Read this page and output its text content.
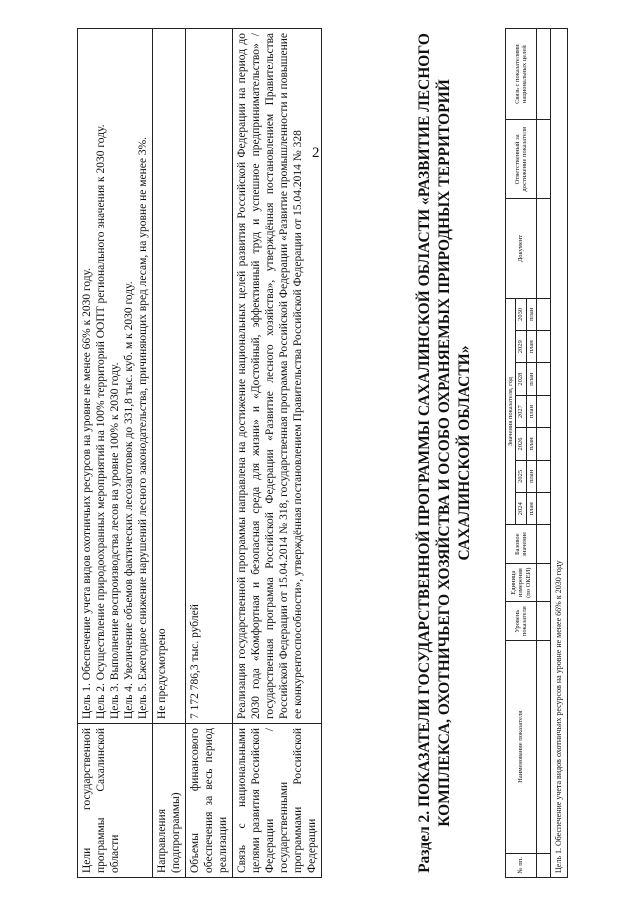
2
Цели государственной программы Сахалинской области	Цель 1. Обеспечение учета видов охотничьих ресурсов на уровне не менее 66% к 2030 году. Цель 2. Осуществление природоохранных мероприятий на 100% территорий ООПТ регионального значения к 2030 году. Цель 3. Выполнение воспроизводства лесов на уровне 100% к 2030 году. Цель 4. Увеличение объемов фактических лесозаготовок до 331,8 тыс. куб. м к 2030 году. Цель 5. Ежегодное снижение нарушений лесного законодательства, причиняющих вред лесам, на уровне не менее 3%.

Направления (подпрограммы)	Не предусмотрено
Объемы финансового обеспечения за весь период реализации	7 172 786,3 тыс. рублей
Связь с национальными целями развития Российской Федерации / государственными программами Российской Федерации	Реализация государственной программы направлена на достижение национальных целей развития Российской Федерации на период до 2030 года «Комфортная и безопасная среда для жизни» и «Достойный, эффективный труд и успешное предпринимательство» / государственная программа Российской Федерации «Развитие лесного хозяйства», утверждённая постановлением Правительства Российской Федерации от 15.04.2014 № 318, государственная программа Российской Федерации «Развитие промышленности и повышение ее конкурентоспособности», утверждённая постановлением Правительства Российской Федерации от 15.04.2014 № 328	Раздел 2. ПОКАЗАТЕЛИ ГОСУДАРСТВЕННОЙ ПРОГРАММЫ САХАЛИНСКОЙ ОБЛАСТИ «РАЗВИТИЕ ЛЕСНОГО КОМПЛЕКСА, ОХОТНИЧЬЕГО ХОЗЯЙСТВА И ОСОБО ОХРАНЯЕМЫХ ПРИРОДНЫХ ТЕРРИТОРИЙ САХАЛИНСКОЙ ОБЛАСТИ»
№ пп.	Наименование показателя	Уровень показателя	Единица измерения (по ОКЕИ)	Базовое значение	Значения показателя, год							Документ	Ответственный за достижение показателя	Связь с показателями национальных целей
					2024	2025	2026	2027	2028	2029	2030			
					план	план	план	план	план	план	план			

Цель 1. Обеспечение учета видов охотничьих ресурсов на уровне не менее 66% к 2030 году														
